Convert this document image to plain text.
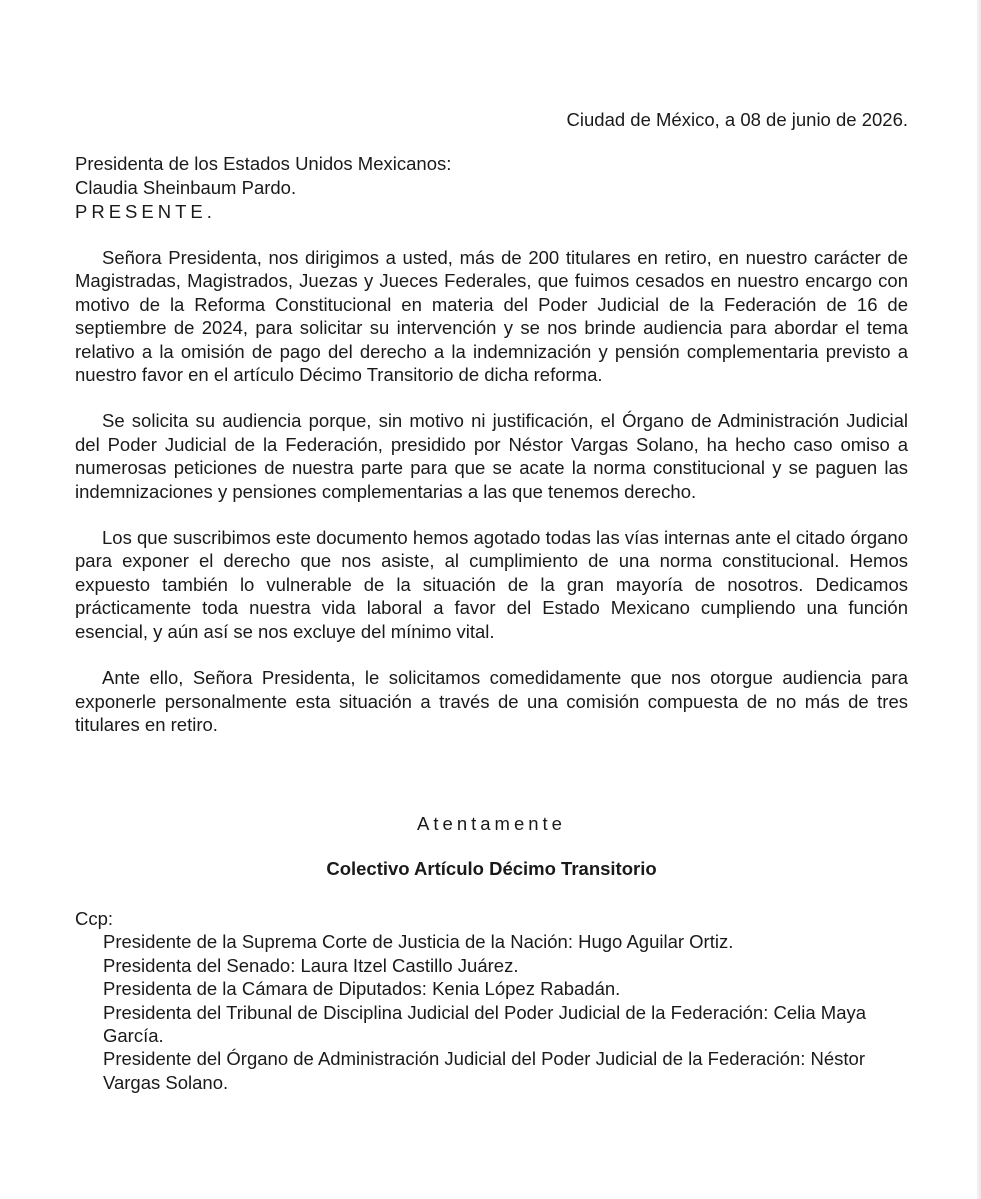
Ciudad de México, a 08 de junio de 2026.
Presidenta de los Estados Unidos Mexicanos:
Claudia Sheinbaum Pardo.
PRESENTE.

Señora Presidenta, nos dirigimos a usted, más de 200 titulares en retiro, en nuestro carácter de Magistradas, Magistrados, Juezas y Jueces Federales, que fuimos cesados en nuestro encargo con motivo de la Reforma Constitucional en materia del Poder Judicial de la Federación de 16 de septiembre de 2024, para solicitar su intervención y se nos brinde audiencia para abordar el tema relativo a la omisión de pago del derecho a la indemnización y pensión complementaria previsto a nuestro favor en el artículo Décimo Transitorio de dicha reforma.

Se solicita su audiencia porque, sin motivo ni justificación, el Órgano de Administración Judicial del Poder Judicial de la Federación, presidido por Néstor Vargas Solano, ha hecho caso omiso a numerosas peticiones de nuestra parte para que se acate la norma constitucional y se paguen las indemnizaciones y pensiones complementarias a las que tenemos derecho.

Los que suscribimos este documento hemos agotado todas las vías internas ante el citado órgano para exponer el derecho que nos asiste, al cumplimiento de una norma constitucional. Hemos expuesto también lo vulnerable de la situación de la gran mayoría de nosotros. Dedicamos prácticamente toda nuestra vida laboral a favor del Estado Mexicano cumpliendo una función esencial, y aún así se nos excluye del mínimo vital.

Ante ello, Señora Presidenta, le solicitamos comedidamente que nos otorgue audiencia para exponerle personalmente esta situación a través de una comisión compuesta de no más de tres titulares en retiro.

Atentamente
Colectivo Artículo Décimo Transitorio
Ccp:
Presidente de la Suprema Corte de Justicia de la Nación: Hugo Aguilar Ortiz.
Presidenta del Senado: Laura Itzel Castillo Juárez.
Presidenta de la Cámara de Diputados: Kenia López Rabadán.
Presidenta del Tribunal de Disciplina Judicial del Poder Judicial de la Federación: Celia Maya García.
Presidente del Órgano de Administración Judicial del Poder Judicial de la Federación: Néstor Vargas Solano.
